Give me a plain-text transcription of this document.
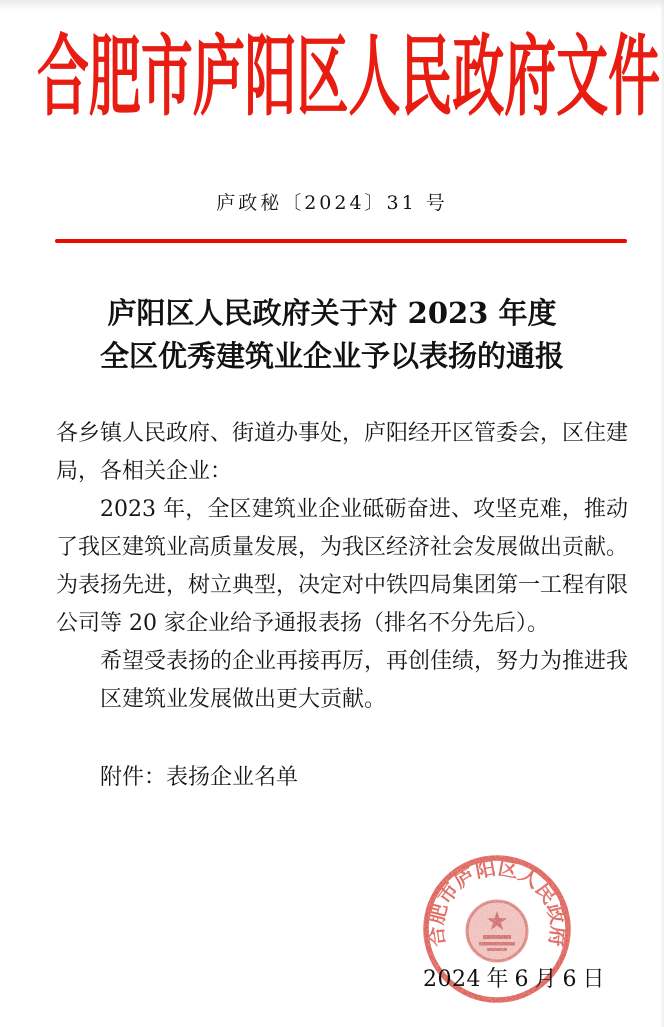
合肥市庐阳区人民政府文件
庐政秘〔2024〕31 号
庐阳区人民政府关于对 2023 年度
全区优秀建筑业企业予以表扬的通报

各乡镇人民政府、街道办事处，庐阳经开区管委会，区住建局，各相关企业：

2023 年，全区建筑业企业砥砺奋进、攻坚克难，推动了我区建筑业高质量发展，为我区经济社会发展做出贡献。为表扬先进，树立典型，决定对中铁四局集团第一工程有限公司等 20 家企业给予通报表扬（排名不分先后）。

希望受表扬的企业再接再厉，再创佳绩，努力为推进我区建筑业发展做出更大贡献。

附件：表扬企业名单

合肥市庐阳区人民政府
2024 年 6 月 6 日
